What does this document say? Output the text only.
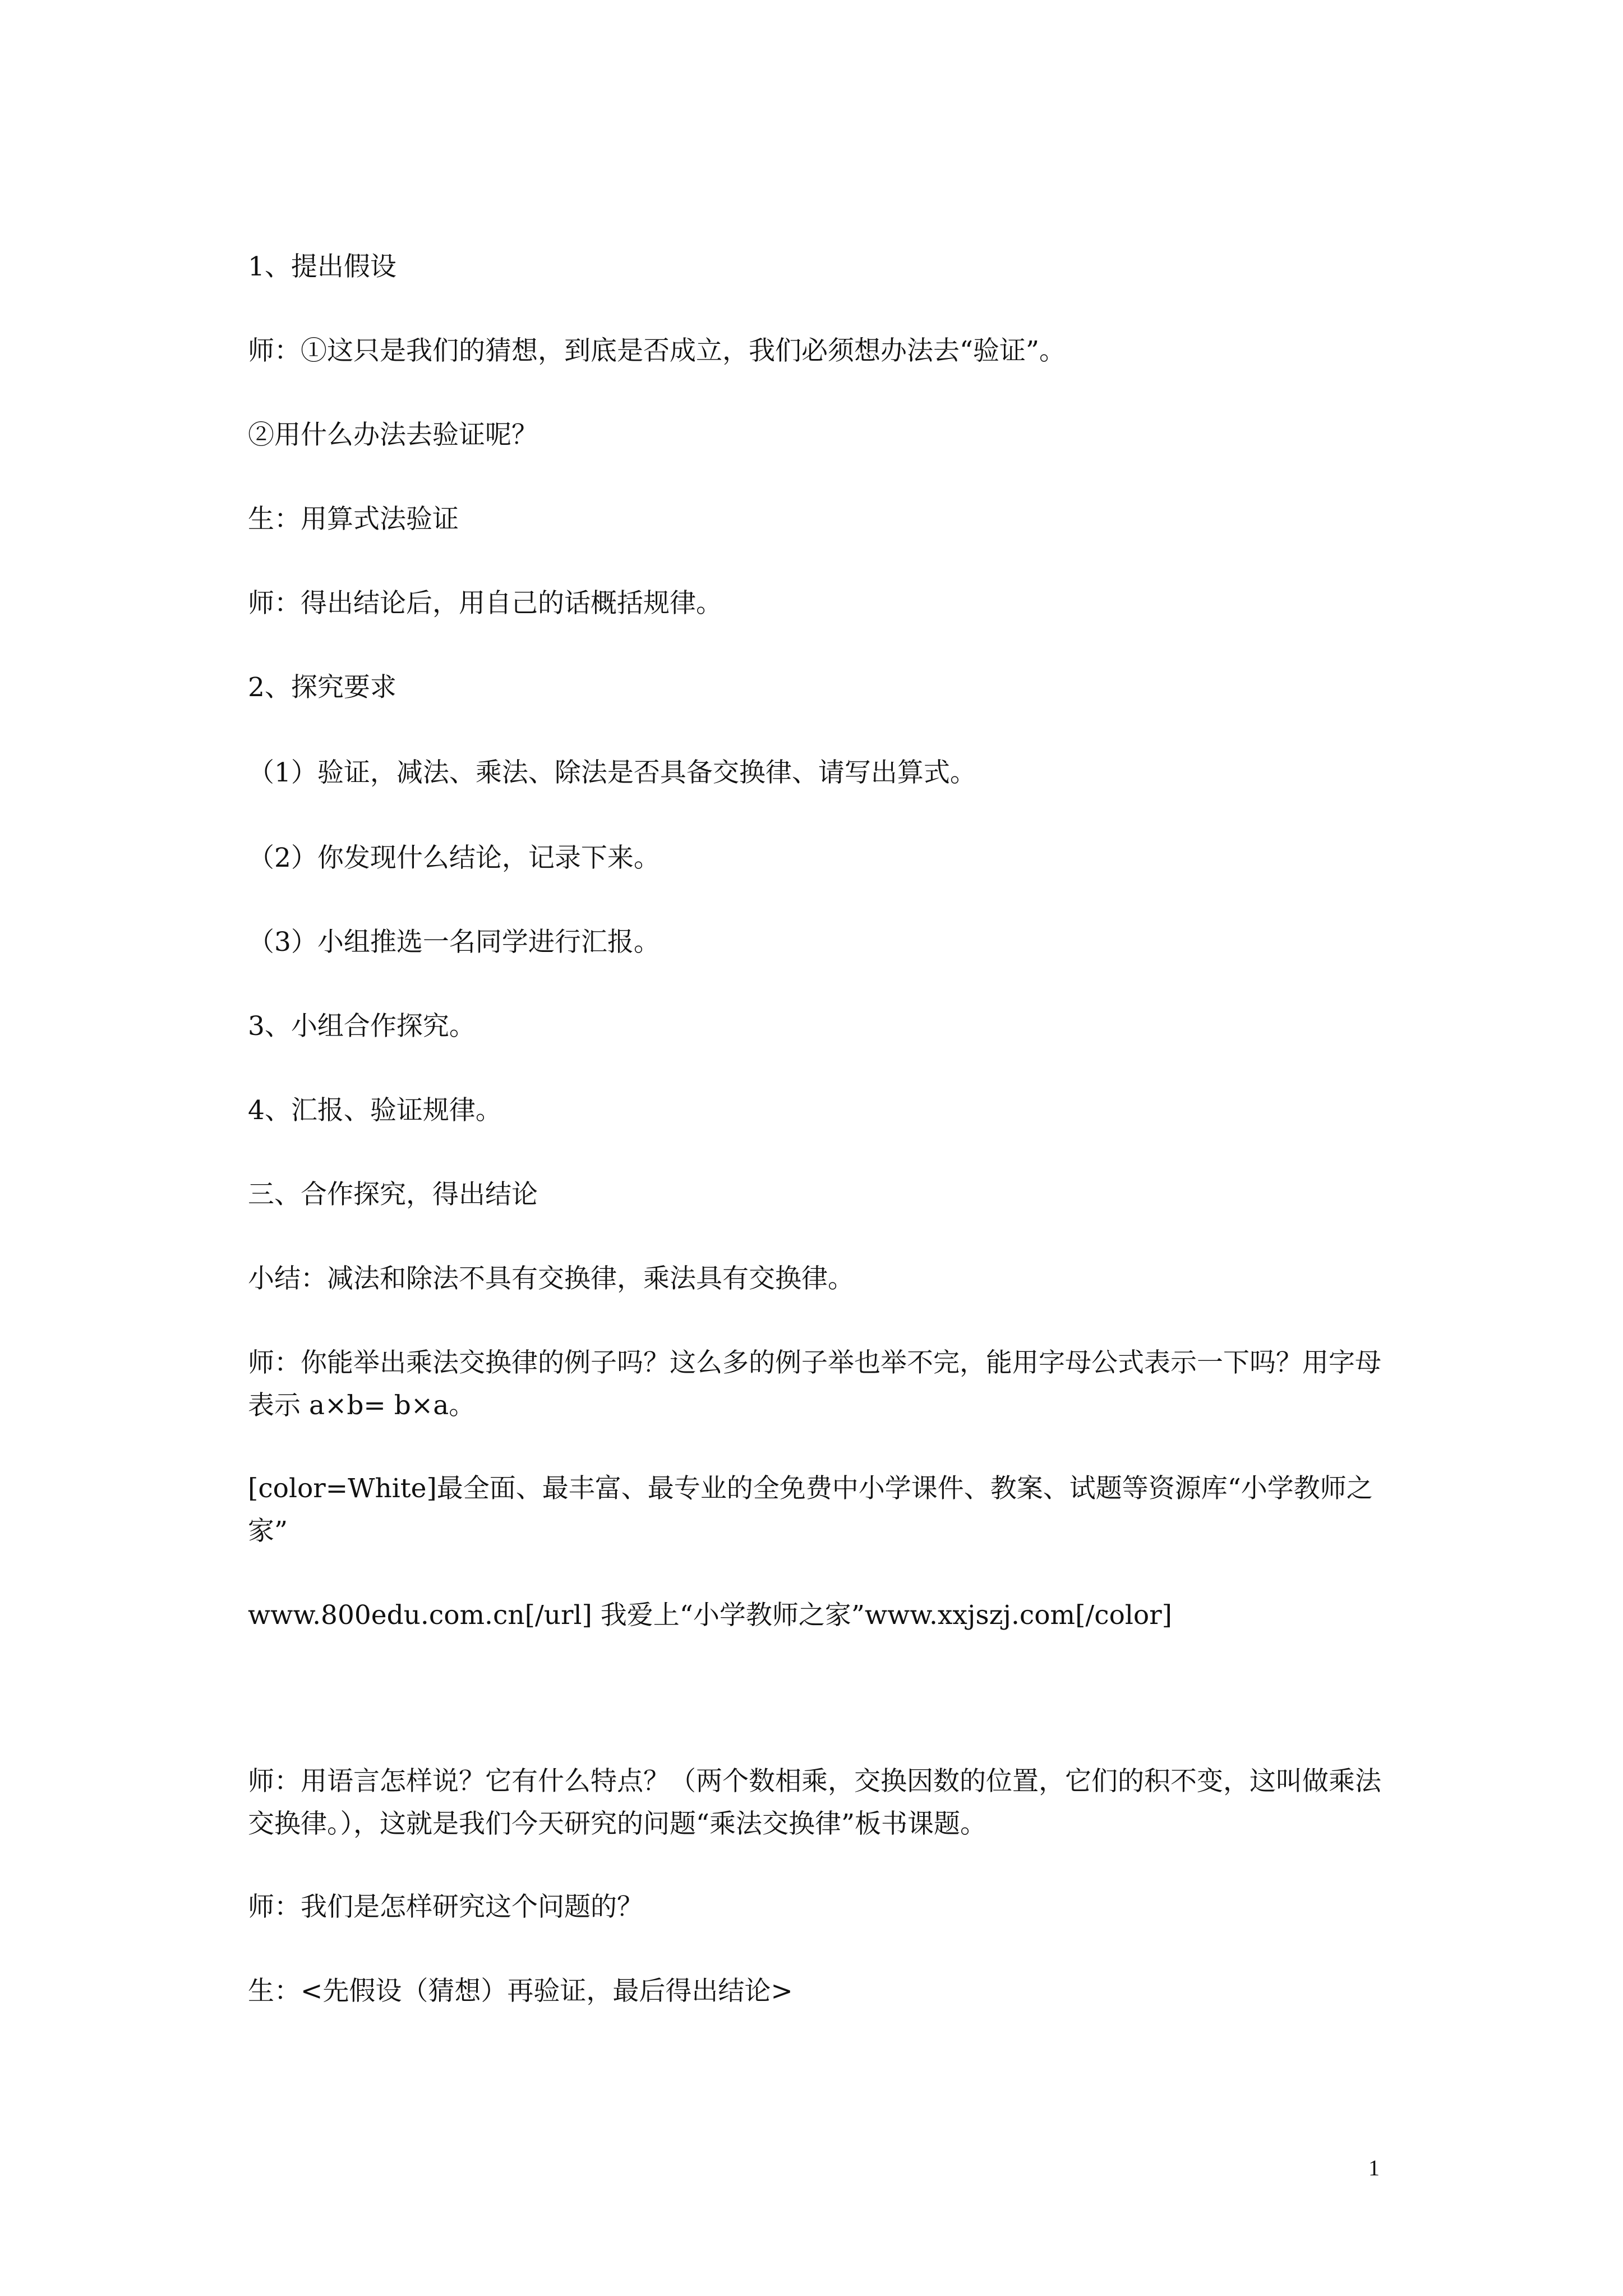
1、提出假设

师：①这只是我们的猜想，到底是否成立，我们必须想办法去“验证”。

②用什么办法去验证呢？

生：用算式法验证

师：得出结论后，用自己的话概括规律。

2、探究要求

（1）验证，减法、乘法、除法是否具备交换律、请写出算式。

（2）你发现什么结论，记录下来。

（3）小组推选一名同学进行汇报。

3、小组合作探究。

4、汇报、验证规律。

三、合作探究，得出结论

小结：减法和除法不具有交换律，乘法具有交换律。

师：你能举出乘法交换律的例子吗？这么多的例子举也举不完，能用字母公式表示一下吗？用字母表示 a×b= b×a。

[color=White]最全面、最丰富、最专业的全免费中小学课件、教案、试题等资源库“小学教师之家”

www.800edu.com.cn[/url] 我爱上“小学教师之家”www.xxjszj.com[/color]

师：用语言怎样说？它有什么特点？（两个数相乘，交换因数的位置，它们的积不变，这叫做乘法交换律。），这就是我们今天研究的问题“乘法交换律”板书课题。

师：我们是怎样研究这个问题的？

生：<先假设（猜想）再验证，最后得出结论>

1
